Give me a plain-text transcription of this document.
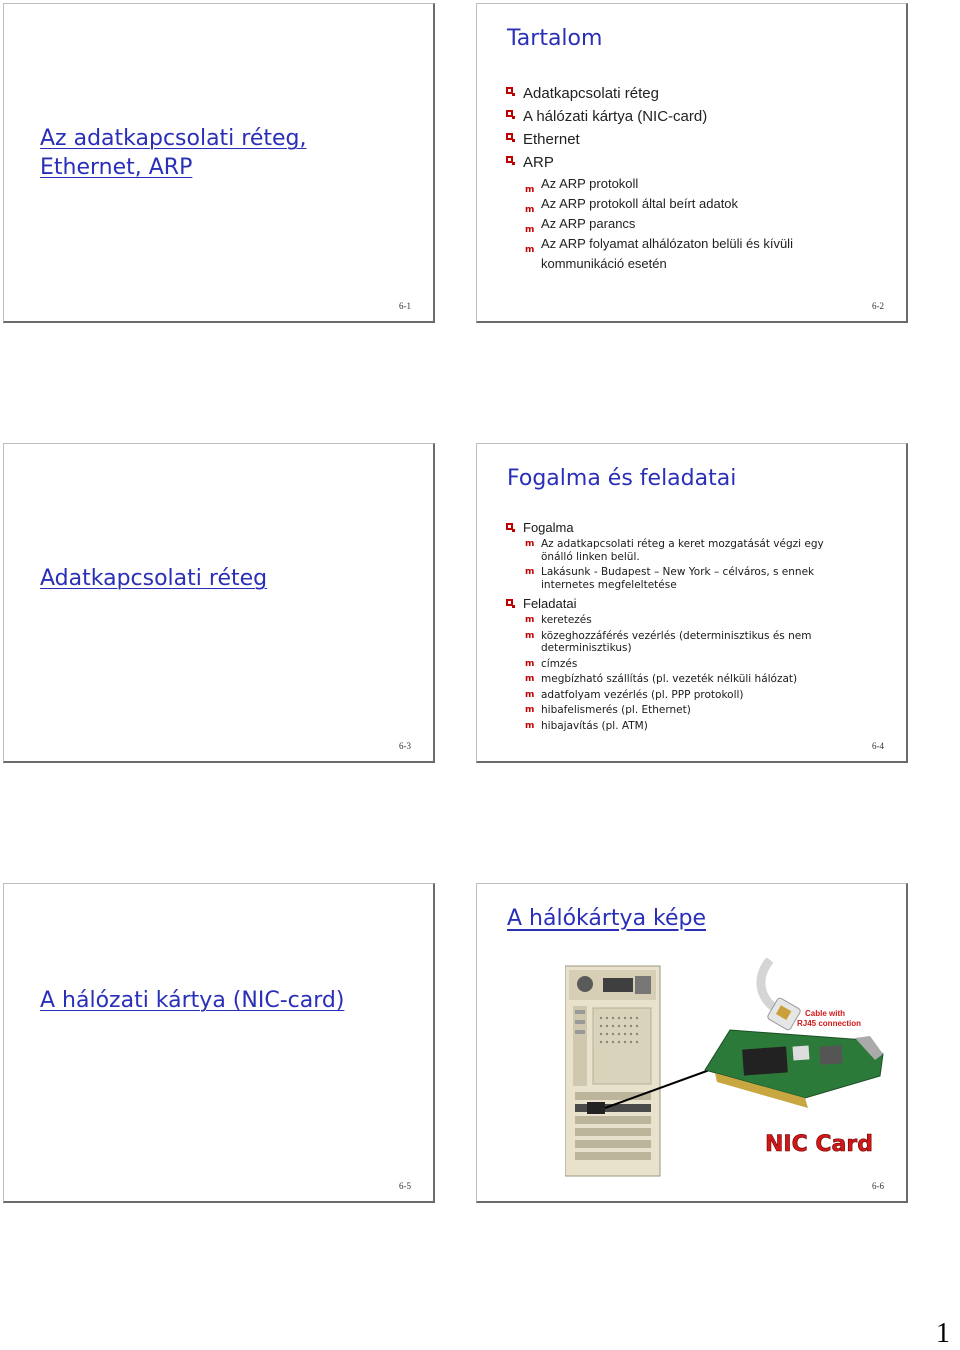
Az adatkapcsolati réteg,
Ethernet, ARP
6-1
Tartalom
Adatkapcsolati réteg
A hálózati kártya (NIC-card)
Ethernet
ARP
m Az ARP protokoll
m Az ARP protokoll által beírt adatok
m Az ARP parancs
m Az ARP folyamat alhálózaton belüli és kívüli kommunikáció esetén
6-2
Adatkapcsolati réteg
6-3
Fogalma és feladatai
Fogalma
m Az adatkapcsolati réteg a keret mozgatását végzi egy önálló linken belül.
m Lakásunk - Budapest – New York – célváros, s ennek internetes megfeleltetése
Feladatai
m keretezés
m közeghozzáférés vezérlés (determinisztikus és nem determinisztikus)
m címzés
m megbízható szállítás (pl. vezeték nélküli hálózat)
m adatfolyam vezérlés (pl. PPP protokoll)
m hibafelismerés (pl. Ethernet)
m hibajavítás (pl. ATM)
6-4
A hálózati kártya (NIC-card)
6-5
A hálókártya képe
Cable with
RJ45 connection
NIC Card
6-6
1
